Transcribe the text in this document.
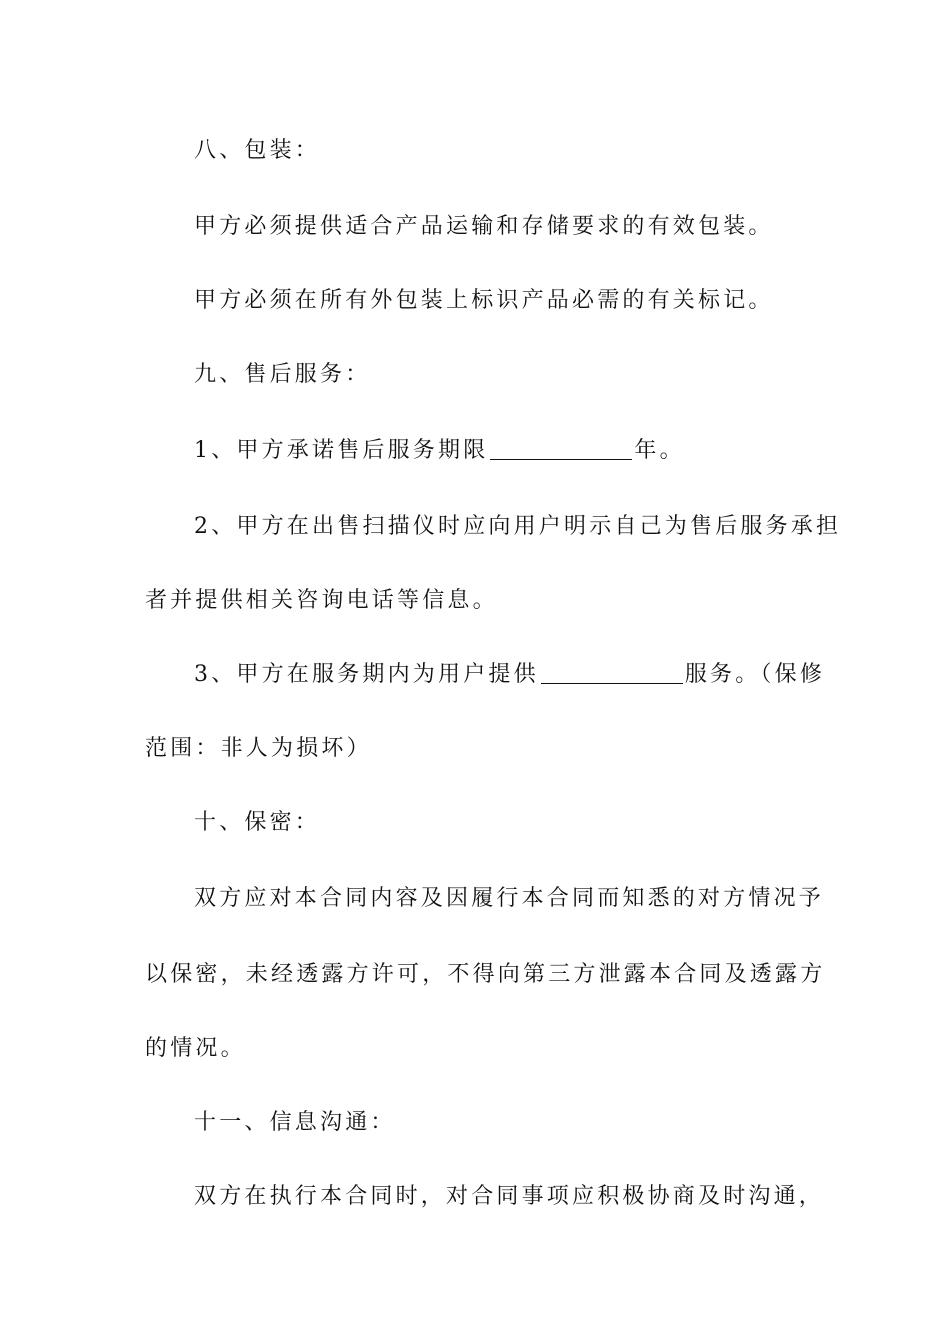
八、包装：
甲方必须提供适合产品运输和存储要求的有效包装。
甲方必须在所有外包装上标识产品必需的有关标记。
九、售后服务：
1、甲方承诺售后服务期限	年。
2、甲方在出售扫描仪时应向用户明示自己为售后服务承担
者并提供相关咨询电话等信息。
3、甲方在服务期内为用户提供	服务。（保修
范围：非人为损坏）
十、保密：
双方应对本合同内容及因履行本合同而知悉的对方情况予
以保密，未经透露方许可，不得向第三方泄露本合同及透露方
的情况。
十一、信息沟通：
双方在执行本合同时，对合同事项应积极协商及时沟通，
